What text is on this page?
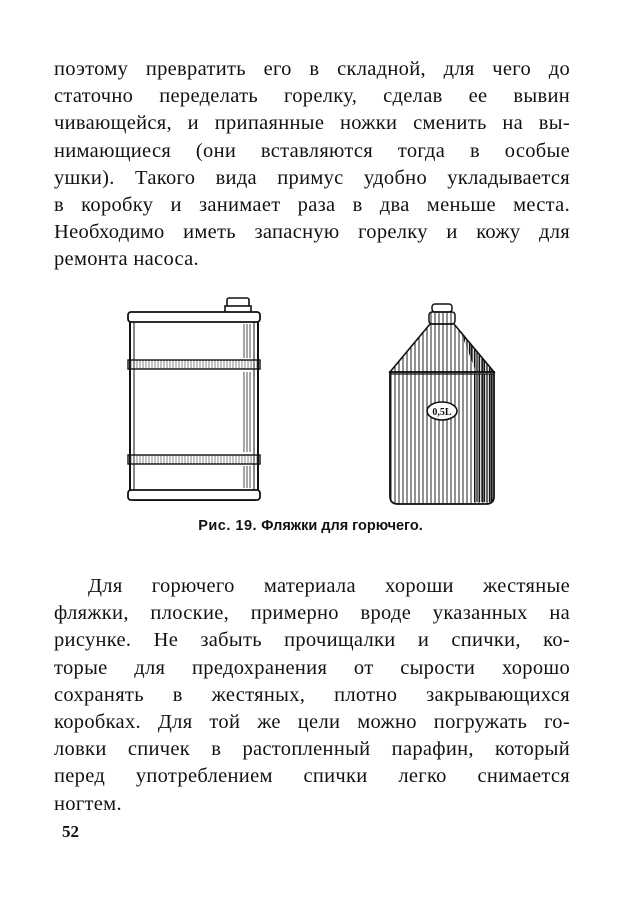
поэтому превратить его в складной, для чего до
статочно переделать горелку, сделав ее вывин
чивающейся, и припаянные ножки сменить на вы-
нимающиеся (они вставляются тогда в особые
ушки). Такого вида примус удобно укладывается
в коробку и занимает раза в два меньше места.
Необходимо иметь запасную горелку и кожу для
ремонта насоса.
0,5L
Рис. 19. Фляжки для горючего.
Для горючего материала хороши жестяные
фляжки, плоские, примерно вроде указанных на
рисунке. Не забыть прочищалки и спички, ко-
торые для предохранения от сырости хорошо
сохранять в жестяных, плотно закрывающихся
коробках. Для той же цели можно погружать го-
ловки спичек в растопленный парафин, который
перед употреблением спички легко снимается
ногтем.
52
